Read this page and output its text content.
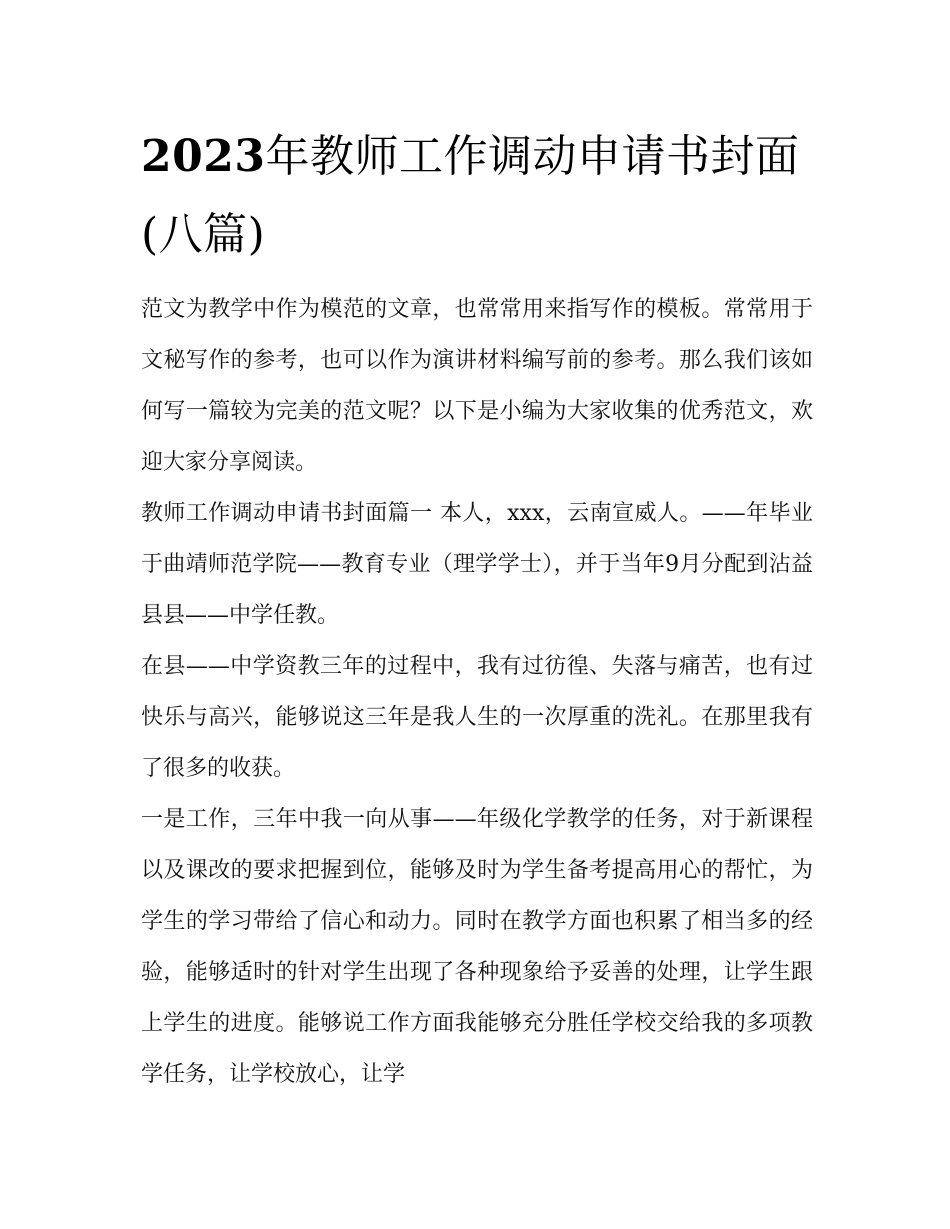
2023年教师工作调动申请书封面(八篇)

范文为教学中作为模范的文章，也常常用来指写作的模板。常常用于文秘写作的参考，也可以作为演讲材料编写前的参考。那么我们该如何写一篇较为完美的范文呢？以下是小编为大家收集的优秀范文，欢迎大家分享阅读。

教师工作调动申请书封面篇一 本人，xxx，云南宣威人。——年毕业于曲靖师范学院——教育专业（理学学士），并于当年9月分配到沾益县县——中学任教。

在县——中学资教三年的过程中，我有过彷徨、失落与痛苦，也有过快乐与高兴，能够说这三年是我人生的一次厚重的洗礼。在那里我有了很多的收获。

一是工作，三年中我一向从事——年级化学教学的任务，对于新课程以及课改的要求把握到位，能够及时为学生备考提高用心的帮忙，为学生的学习带给了信心和动力。同时在教学方面也积累了相当多的经验，能够适时的针对学生出现了各种现象给予妥善的处理，让学生跟上学生的进度。能够说工作方面我能够充分胜任学校交给我的多项教学任务，让学校放心，让学
